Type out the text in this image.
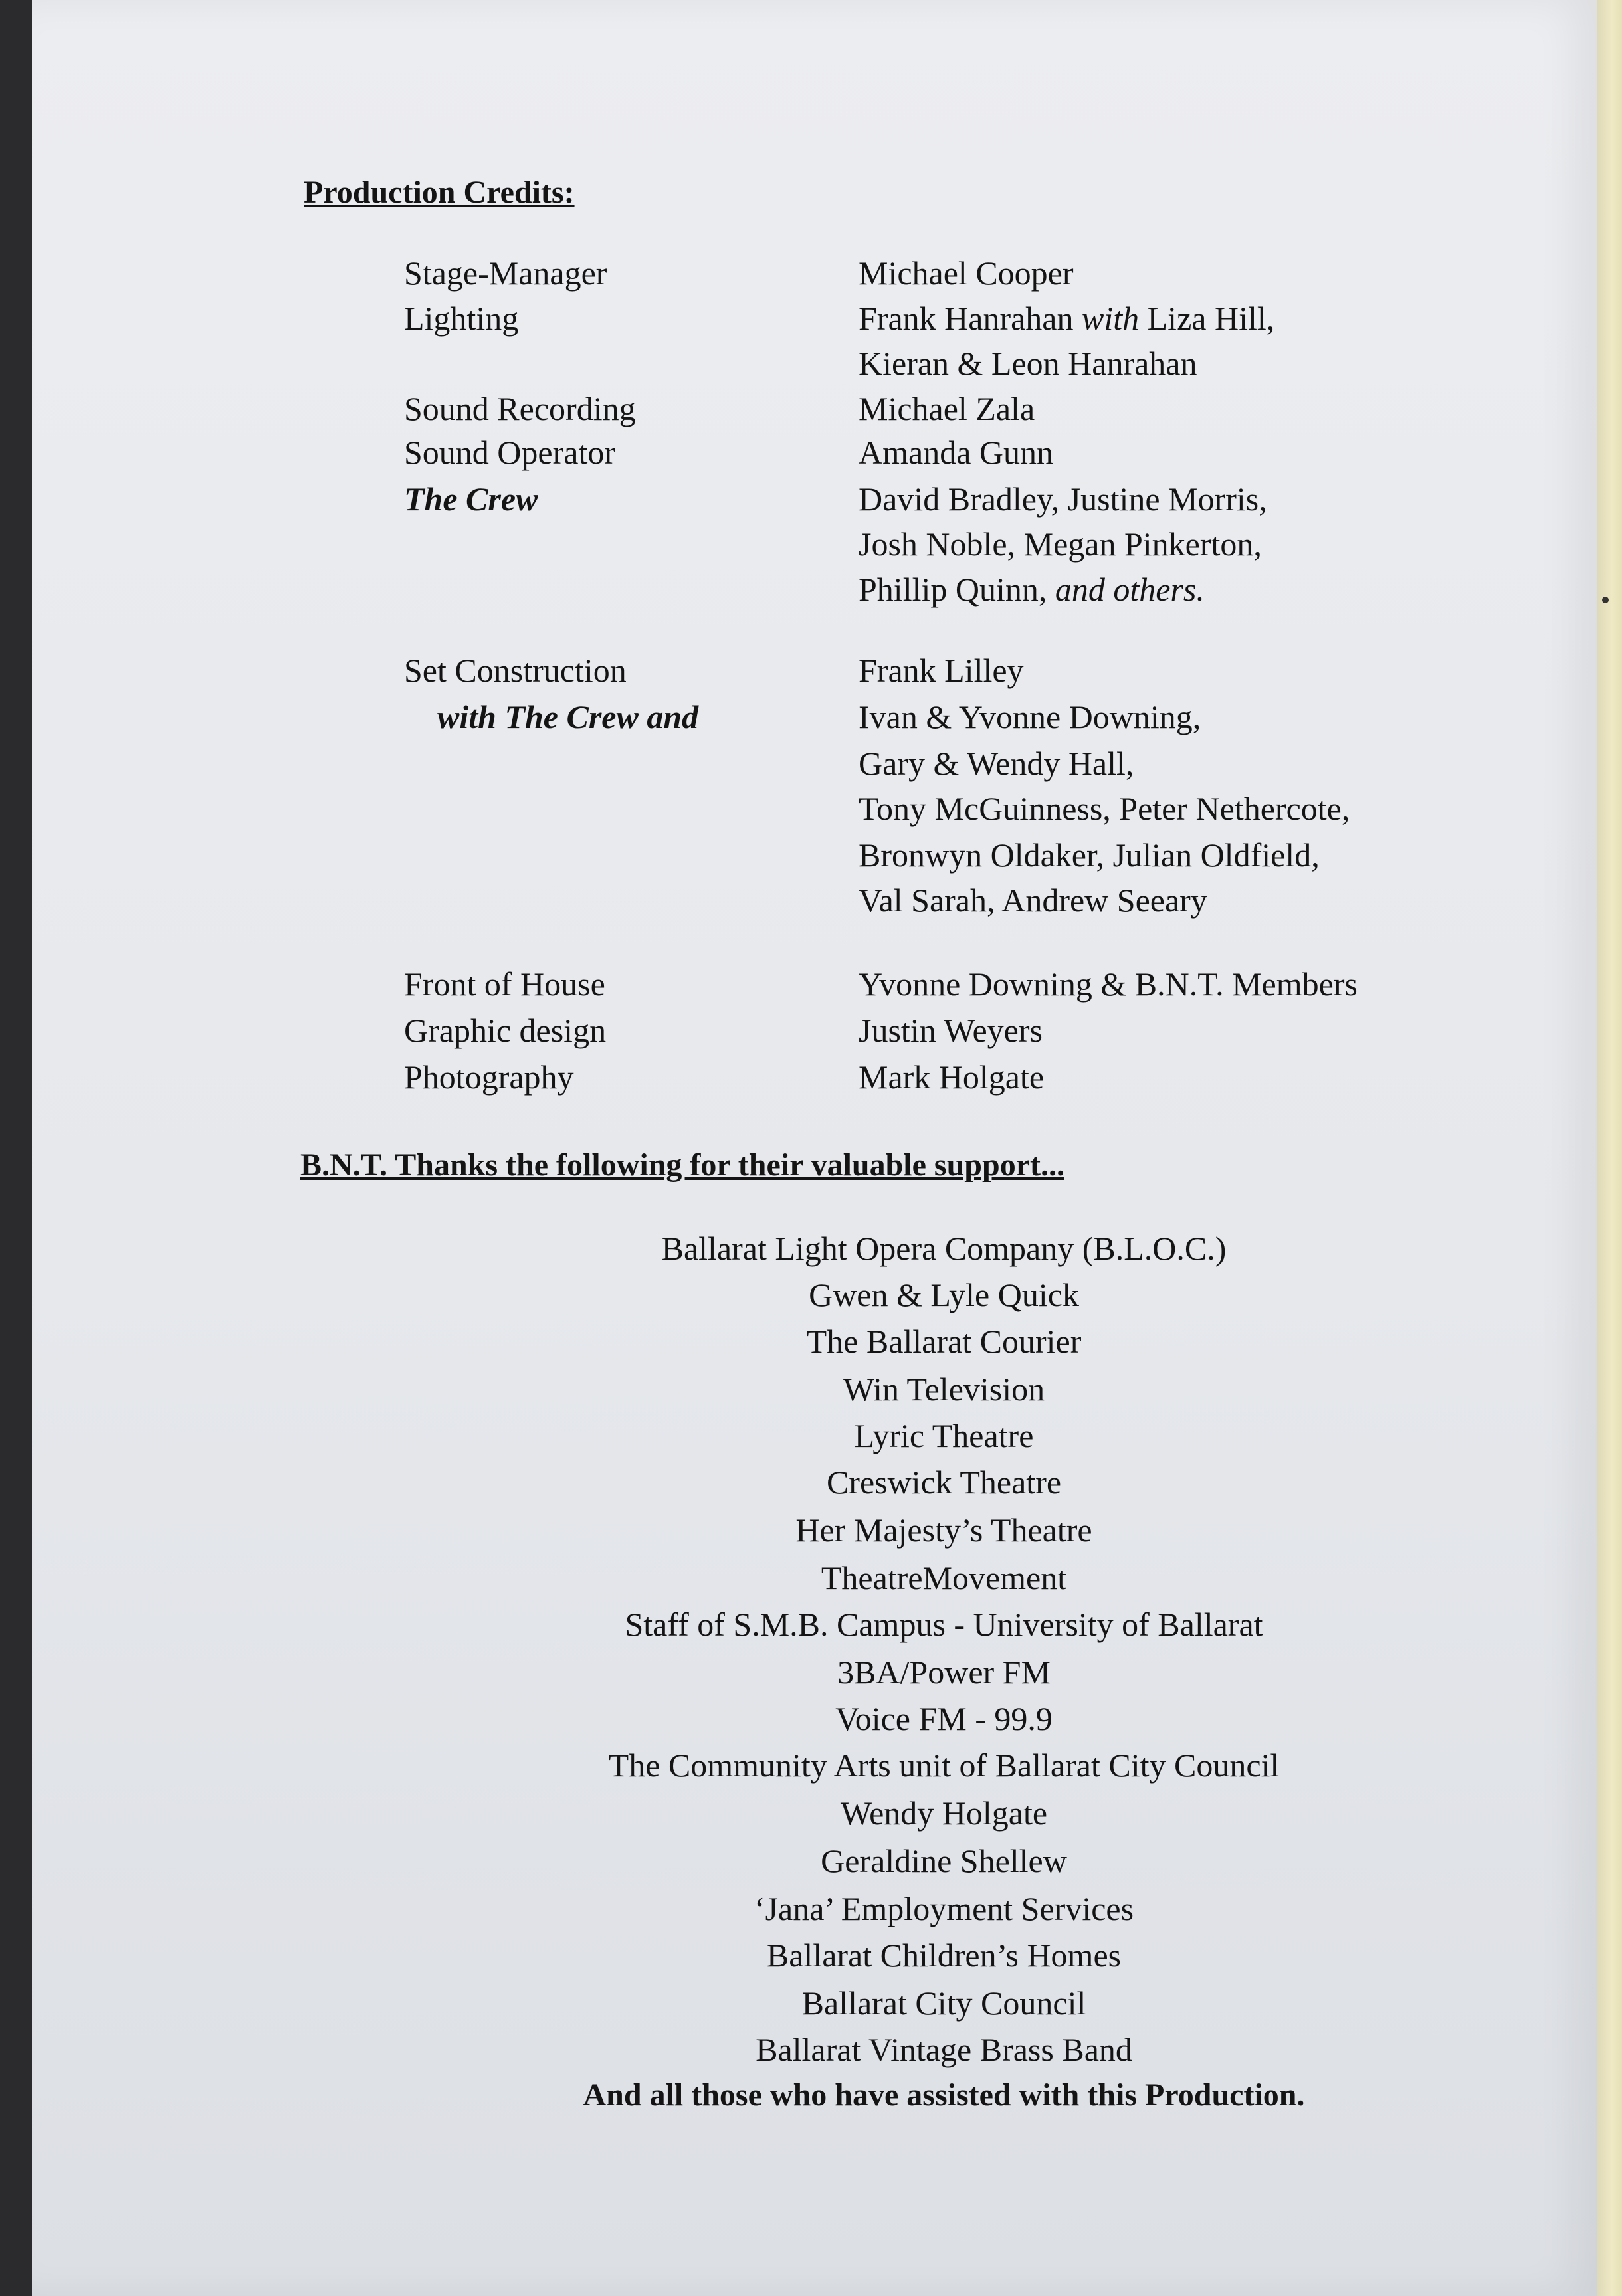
Production Credits:
Stage-Manager	Michael Cooper
Lighting	Frank Hanrahan with Liza Hill,
Kieran & Leon Hanrahan
Sound Recording	Michael Zala
Sound Operator	Amanda Gunn
The Crew	David Bradley, Justine Morris,
Josh Noble, Megan Pinkerton,
Phillip Quinn, and others.
Set Construction	Frank Lilley
with The Crew and	Ivan & Yvonne Downing,
Gary & Wendy Hall,
Tony McGuinness, Peter Nethercote,
Bronwyn Oldaker, Julian Oldfield,
Val Sarah, Andrew Seeary
Front of House	Yvonne Downing & B.N.T. Members
Graphic design	Justin Weyers
Photography	Mark Holgate
B.N.T. Thanks the following for their valuable support...
Ballarat Light Opera Company (B.L.O.C.)
Gwen & Lyle Quick
The Ballarat Courier
Win Television
Lyric Theatre
Creswick Theatre
Her Majesty’s Theatre
TheatreMovement
Staff of S.M.B. Campus - University of Ballarat
3BA/Power FM
Voice FM - 99.9
The Community Arts unit of Ballarat City Council
Wendy Holgate
Geraldine Shellew
‘Jana’ Employment Services
Ballarat Children’s Homes
Ballarat City Council
Ballarat Vintage Brass Band
And all those who have assisted with this Production.
